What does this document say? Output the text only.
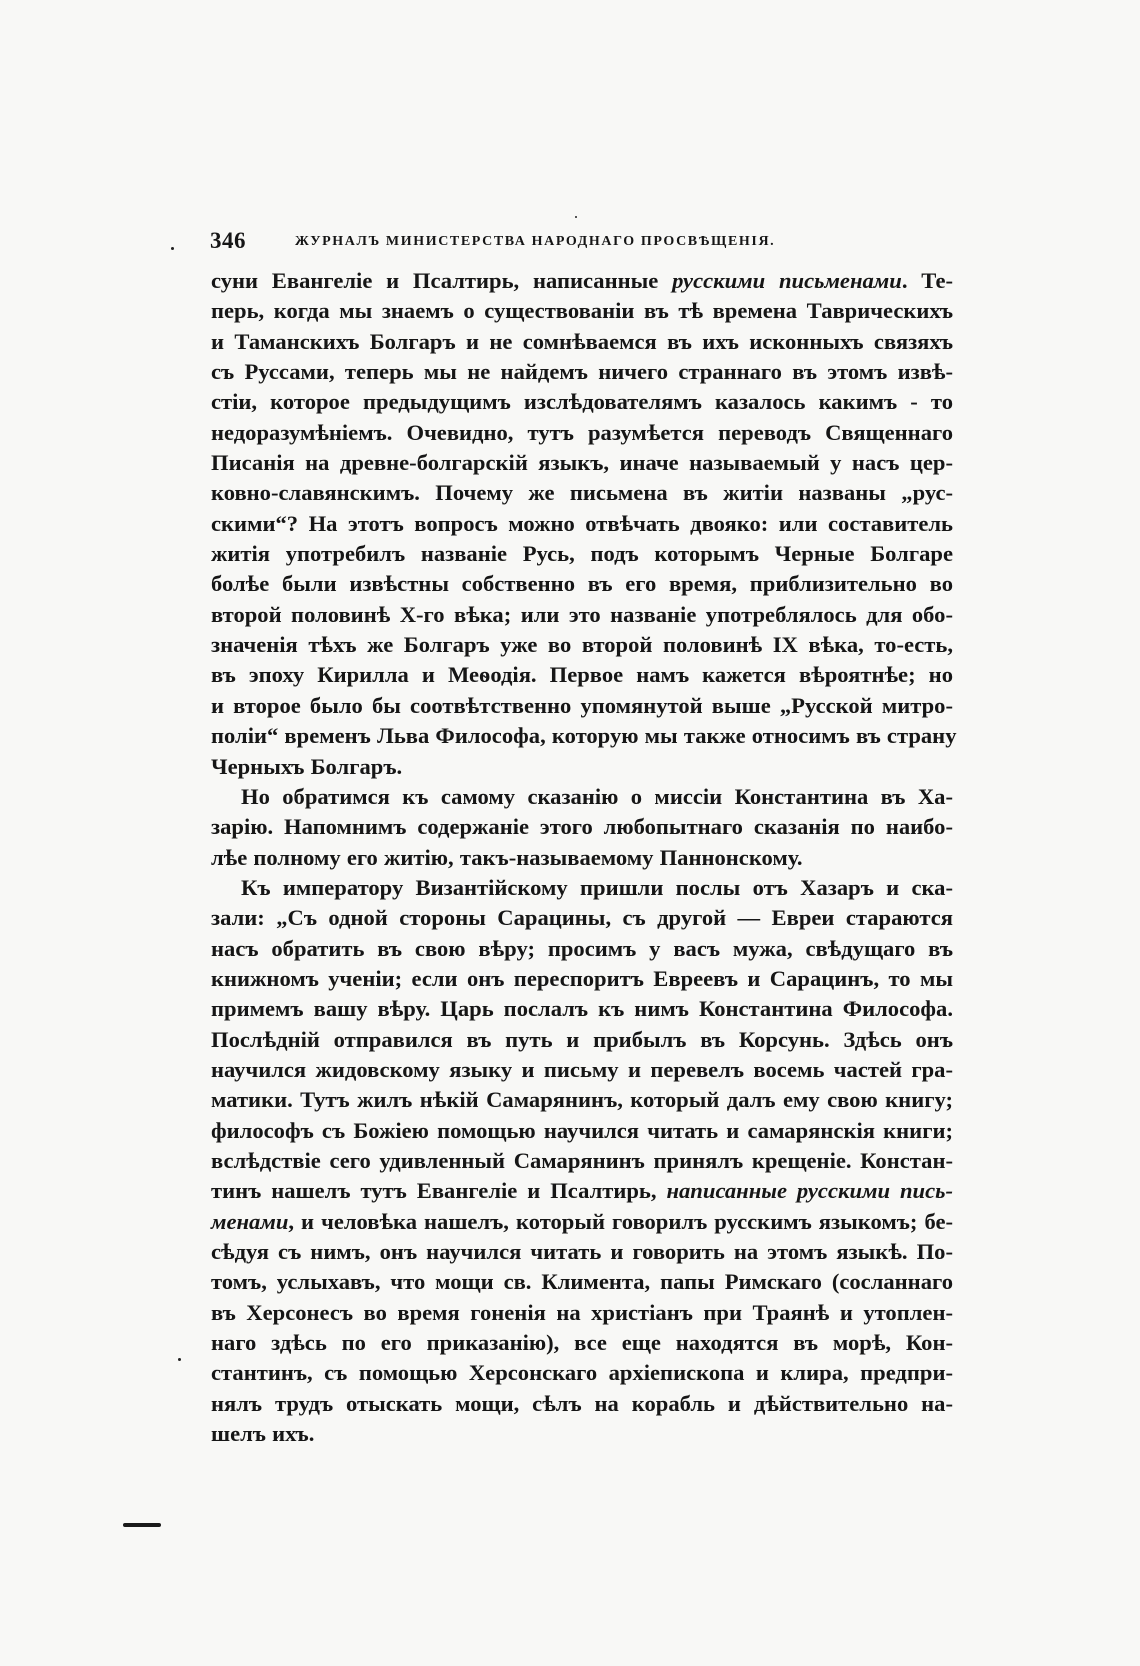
346	ЖУРНАЛЪ МИНИСТЕРСТВА НАРОДНАГО ПРОСВѢЩЕНІЯ.
суни Евангеліе и Псалтирь, написанные русскими письменами. Те-
перь, когда мы знаемъ о существованіи въ тѣ времена Таврическихъ
и Таманскихъ Болгаръ и не сомнѣваемся въ ихъ исконныхъ связяхъ
съ Руссами, теперь мы не найдемъ ничего страннаго въ этомъ извѣ-
стіи, которое предыдущимъ изслѣдователямъ казалось какимъ - то
недоразумѣніемъ. Очевидно, тутъ разумѣется переводъ Священнаго
Писанія на древне-болгарскій языкъ, иначе называемый у насъ цер-
ковно-славянскимъ. Почему же письмена въ житіи названы „рус-
скими“? На этотъ вопросъ можно отвѣчать двояко: или составитель
житія употребилъ названіе Русь, подъ которымъ Черные Болгаре
болѣе были извѣстны собственно въ его время, приблизительно во
второй половинѣ X-го вѣка; или это названіе употреблялось для обо-
значенія тѣхъ же Болгаръ уже во второй половинѣ IX вѣка, то-есть,
въ эпоху Кирилла и Меѳодія. Первое намъ кажется вѣроятнѣе; но
и второе было бы соотвѣтственно упомянутой выше „Русской митро-
поліи“ временъ Льва Философа, которую мы также относимъ въ страну
Черныхъ Болгаръ.
Но обратимся къ самому сказанію о миссіи Константина въ Ха-
зарію. Напомнимъ содержаніе этого любопытнаго сказанія по наибо-
лѣе полному его житію, такъ-называемому Паннонскому.
Къ императору Византійскому пришли послы отъ Хазаръ и ска-
зали: „Съ одной стороны Сарацины, съ другой — Евреи стараются
насъ обратить въ свою вѣру; просимъ у васъ мужа, свѣдущаго въ
книжномъ ученіи; если онъ переспоритъ Евреевъ и Сарацинъ, то мы
примемъ вашу вѣру. Царь послалъ къ нимъ Константина Философа.
Послѣдній отправился въ путь и прибылъ въ Корсунь. Здѣсь онъ
научился жидовскому языку и письму и перевелъ восемь частей гра-
матики. Тутъ жилъ нѣкій Самарянинъ, который далъ ему свою книгу;
философъ съ Божіею помощью научился читать и самарянскія книги;
вслѣдствіе сего удивленный Самарянинъ принялъ крещеніе. Констан-
тинъ нашелъ тутъ Евангеліе и Псалтирь, написанные русскими пись-
менами, и человѣка нашелъ, который говорилъ русскимъ языкомъ; бе-
сѣдуя съ нимъ, онъ научился читать и говорить на этомъ языкѣ. По-
томъ, услыхавъ, что мощи св. Климента, папы Римскаго (сосланнаго
въ Херсонесъ во время гоненія на христіанъ при Траянѣ и утоплен-
наго здѣсь по его приказанію), все еще находятся въ морѣ, Кон-
стантинъ, съ помощью Херсонскаго архіепископа и клира, предпри-
нялъ трудъ отыскать мощи, сѣлъ на корабль и дѣйствительно на-
шелъ ихъ.
